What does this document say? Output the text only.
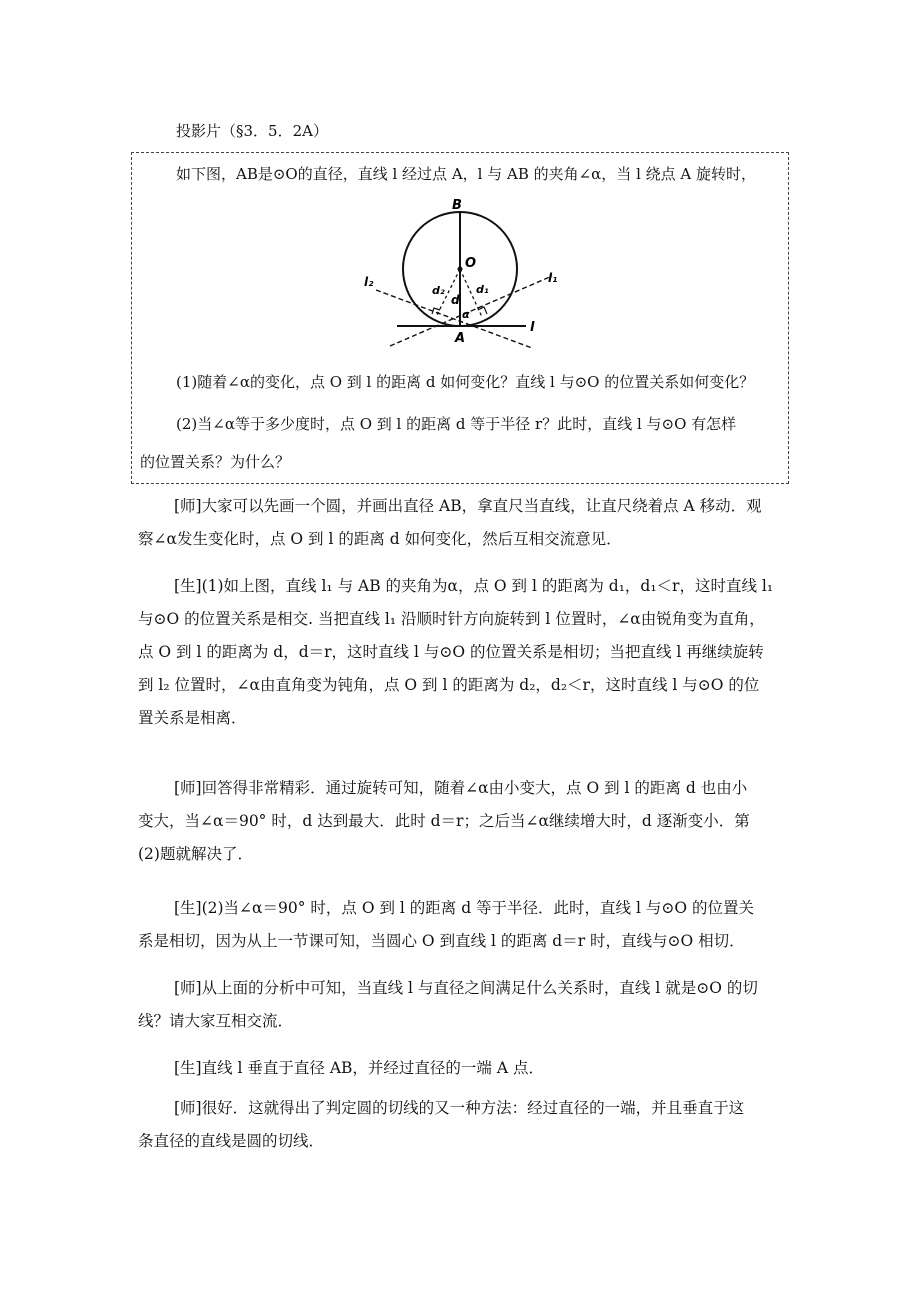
投影片（§3．5．2A）
如下图，AB是⊙O的直径，直线 l 经过点 A，l 与 AB 的夹角∠α，当 l 绕点 A 旋转时，
B
O
A
l
l₁
l₂
d
d₁
d₂
α
(1)随着∠α的变化，点 O 到 l 的距离 d 如何变化？直线 l 与⊙O 的位置关系如何变化？
(2)当∠α等于多少度时，点 O 到 l 的距离 d 等于半径 r？此时，直线 l 与⊙O 有怎样
的位置关系？为什么？

[师]大家可以先画一个圆，并画出直径 AB，拿直尺当直线，让直尺绕着点 A 移动．观

察∠α发生变化时，点 O 到 l 的距离 d 如何变化，然后互相交流意见．

[生](1)如上图，直线 l₁ 与 AB 的夹角为α，点 O 到 l 的距离为 d₁，d₁＜r，这时直线 l₁

与⊙O 的位置关系是相交. 当把直线 l₁ 沿顺时针方向旋转到 l 位置时，∠α由锐角变为直角，

点 O 到 l 的距离为 d，d＝r，这时直线 l 与⊙O 的位置关系是相切；当把直线 l 再继续旋转

到 l₂ 位置时，∠α由直角变为钝角，点 O 到 l 的距离为 d₂，d₂＜r，这时直线 l 与⊙O 的位

置关系是相离．

[师]回答得非常精彩．通过旋转可知，随着∠α由小变大，点 O 到 l 的距离 d 也由小

变大，当∠α＝90° 时，d 达到最大．此时 d＝r；之后当∠α继续增大时，d 逐渐变小．第

(2)题就解决了．

[生](2)当∠α＝90° 时，点 O 到 l 的距离 d 等于半径．此时，直线 l 与⊙O 的位置关

系是相切，因为从上一节课可知，当圆心 O 到直线 l 的距离 d＝r 时，直线与⊙O 相切．

[师]从上面的分析中可知，当直线 l 与直径之间满足什么关系时，直线 l 就是⊙O 的切

线？请大家互相交流．

[生]直线 l 垂直于直径 AB，并经过直径的一端 A 点．

[师]很好．这就得出了判定圆的切线的又一种方法：经过直径的一端，并且垂直于这

条直径的直线是圆的切线．
